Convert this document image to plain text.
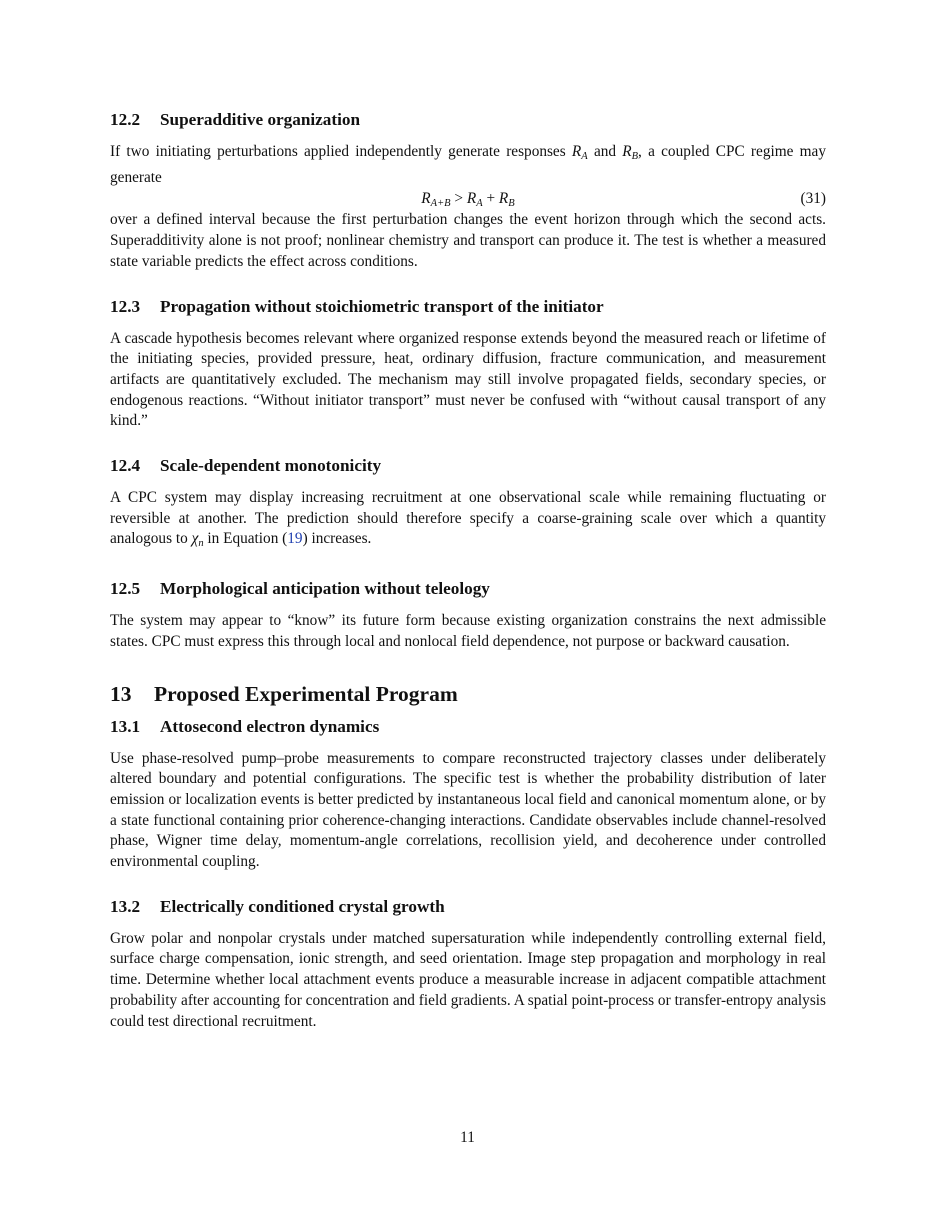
12.2	Superadditive organization

If two initiating perturbations applied independently generate responses $R_A$ and $R_B$, a coupled CPC regime may generate

$R_{A+B} > R_A + R_B$	(31)

over a defined interval because the first perturbation changes the event horizon through which the second acts. Superadditivity alone is not proof; nonlinear chemistry and transport can produce it. The test is whether a measured state variable predicts the effect across conditions.

12.3	Propagation without stoichiometric transport of the initiator

A cascade hypothesis becomes relevant where organized response extends beyond the measured reach or lifetime of the initiating species, provided pressure, heat, ordinary diffusion, fracture communication, and measurement artifacts are quantitatively excluded. The mechanism may still involve propagated fields, secondary species, or endogenous reactions. “Without initiator transport” must never be confused with “without causal transport of any kind.”

12.4	Scale-dependent monotonicity

A CPC system may display increasing recruitment at one observational scale while remaining fluctuating or reversible at another. The prediction should therefore specify a coarse-graining scale over which a quantity analogous to $\chi_n$ in Equation (19) increases.

12.5	Morphological anticipation without teleology

The system may appear to “know” its future form because existing organization constrains the next admissible states. CPC must express this through local and nonlocal field dependence, not purpose or backward causation.

13	Proposed Experimental Program
13.1	Attosecond electron dynamics

Use phase-resolved pump–probe measurements to compare reconstructed trajectory classes under deliberately altered boundary and potential configurations. The specific test is whether the probability distribution of later emission or localization events is better predicted by instantaneous local field and canonical momentum alone, or by a state functional containing prior coherence-changing interactions. Candidate observables include channel-resolved phase, Wigner time delay, momentum-angle correlations, recollision yield, and decoherence under controlled environmental coupling.

13.2	Electrically conditioned crystal growth

Grow polar and nonpolar crystals under matched supersaturation while independently controlling external field, surface charge compensation, ionic strength, and seed orientation. Image step propagation and morphology in real time. Determine whether local attachment events produce a measurable increase in adjacent compatible attachment probability after accounting for concentration and field gradients. A spatial point-process or transfer-entropy analysis could test directional recruitment.

11
